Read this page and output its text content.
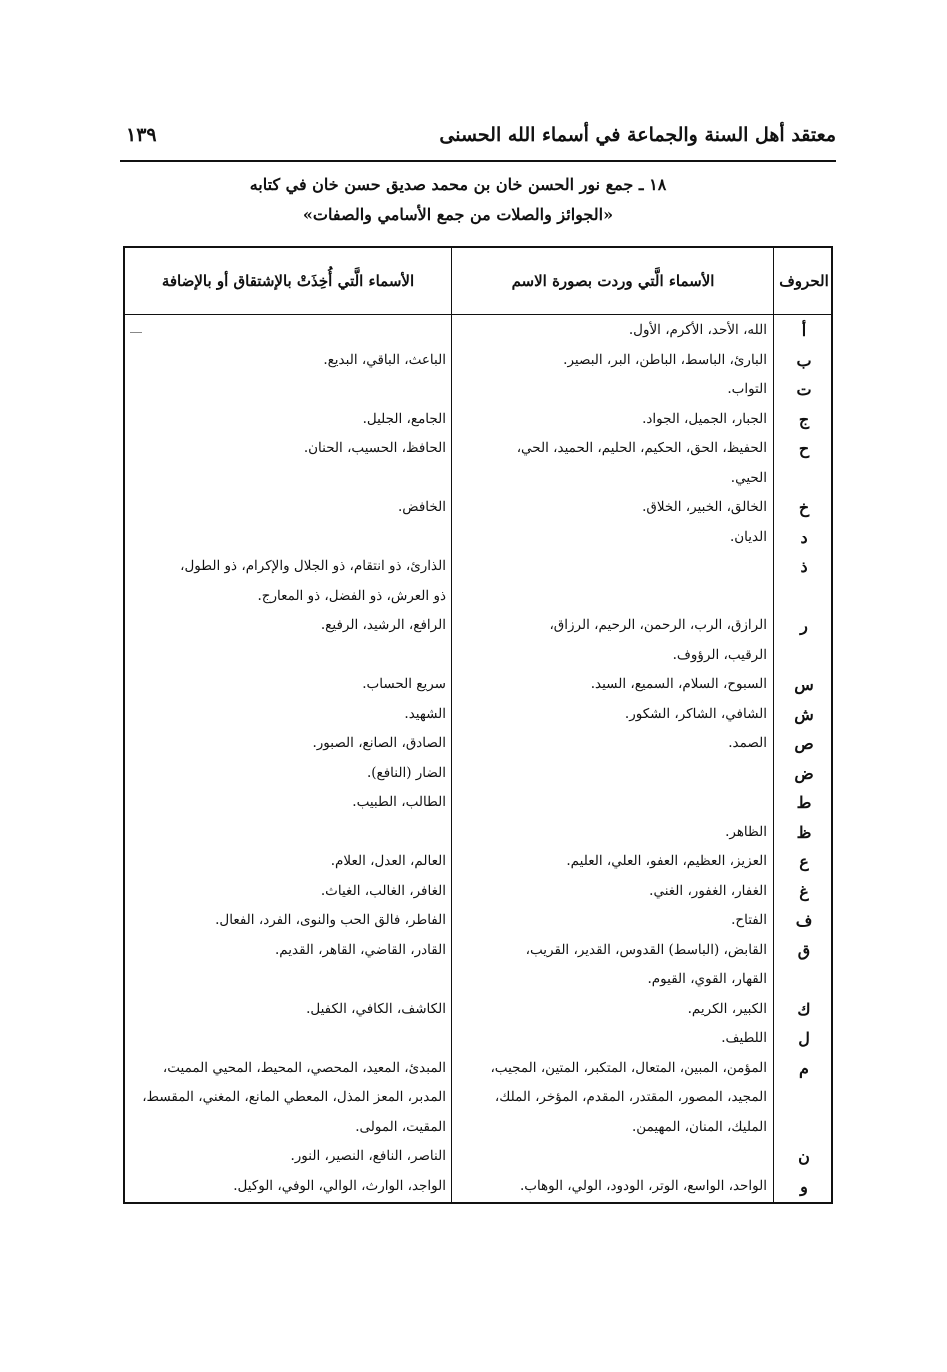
معتقد أهل السنة والجماعة في أسماء الله الحسنى
١٣٩
١٨ ـ جمع نور الحسن خان بن محمد صديق حسن خان في كتابه
«الجوائز والصلات من جمع الأسامي والصفات»
الحروف
الأسماء الَّتي وردت بصورة الاسم
الأسماء الَّتي أُخِذَتْ بالإشتقاق أو بالإضافة
أ
الله، الأحد، الأكرم، الأول.
ب
البارئ، الباسط، الباطن، البر، البصير.
الباعث، الباقي، البديع.
ت
التواب.
ج
الجبار، الجميل، الجواد.
الجامع، الجليل.
ح
الحفيظ، الحق، الحكيم، الحليم، الحميد، الحي،
الحافظ، الحسيب، الحنان.
الحيي.
خ
الخالق، الخبير، الخلاق.
الخافض.
د
الديان.
ذ
الذارئ، ذو انتقام، ذو الجلال والإكرام، ذو الطول،
ذو العرش، ذو الفضل، ذو المعارج.
ر
الرازق، الرب، الرحمن، الرحيم، الرزاق،
الرافع، الرشيد، الرفيع.
الرقيب، الرؤوف.
س
السبوح، السلام، السميع، السيد.
سريع الحساب.
ش
الشافي، الشاكر، الشكور.
الشهيد.
ص
الصمد.
الصادق، الصانع، الصبور.
ض
الضار (النافع).
ط
الطالب، الطبيب.
ظ
الظاهر.
ع
العزيز، العظيم، العفو، العلي، العليم.
العالم، العدل، العلام.
غ
الغفار، الغفور، الغني.
الغافر، الغالب، الغياث.
ف
الفتاح.
الفاطر، فالق الحب والنوى، الفرد، الفعال.
ق
القابض، (الباسط) القدوس، القدير، القريب،
القادر، القاضي، القاهر، القديم.
القهار، القوي، القيوم.
ك
الكبير، الكريم.
الكاشف، الكافي، الكفيل.
ل
اللطيف.
م
المؤمن، المبين، المتعال، المتكبر، المتين، المجيب،
المبدئ، المعيد، المحصي، المحيط، المحيي المميت،
المجيد، المصور، المقتدر، المقدم، المؤخر، الملك،
المدبر، المعز المذل، المعطي المانع، المغني، المقسط،
المليك، المنان، المهيمن.
المقيت، المولى.
ن
الناصر، النافع، النصير، النور.
و
الواحد، الواسع، الوتر، الودود، الولي، الوهاب.
الواجد، الوارث، الوالي، الوفي، الوكيل.
